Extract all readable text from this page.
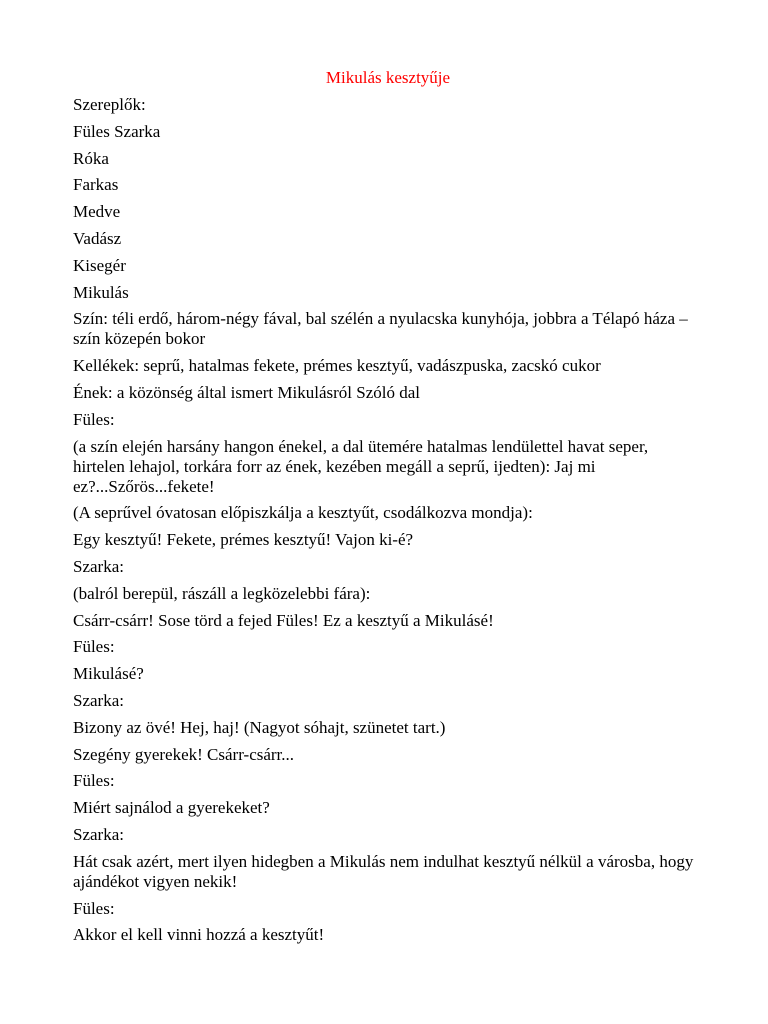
Mikulás kesztyűje

Szereplők:

Füles Szarka

Róka

Farkas

Medve

Vadász

Kisegér

Mikulás

Szín: téli erdő, három-négy fával, bal szélén a nyulacska kunyhója, jobbra a Télapó háza – szín közepén bokor

Kellékek: seprű, hatalmas fekete, prémes kesztyű, vadászpuska, zacskó cukor

Ének: a közönség által ismert Mikulásról Szóló dal

Füles:

(a szín elején harsány hangon énekel, a dal ütemére hatalmas lendülettel havat seper, hirtelen lehajol, torkára forr az ének, kezében megáll a seprű, ijedten): Jaj mi ez?...Szőrös...fekete!

(A seprűvel óvatosan előpiszkálja a kesztyűt, csodálkozva mondja):

Egy kesztyű! Fekete, prémes kesztyű! Vajon ki-é?

Szarka:

(balról berepül, rászáll a legközelebbi fára):

Csárr-csárr! Sose törd a fejed Füles! Ez a kesztyű a Mikulásé!

Füles:

Mikulásé?

Szarka:

Bizony az övé! Hej, haj! (Nagyot sóhajt, szünetet tart.)

Szegény gyerekek! Csárr-csárr...

Füles:

Miért sajnálod a gyerekeket?

Szarka:

Hát csak azért, mert ilyen hidegben a Mikulás nem indulhat kesztyű nélkül a városba, hogy ajándékot vigyen nekik!

Füles:

Akkor el kell vinni hozzá a kesztyűt!
